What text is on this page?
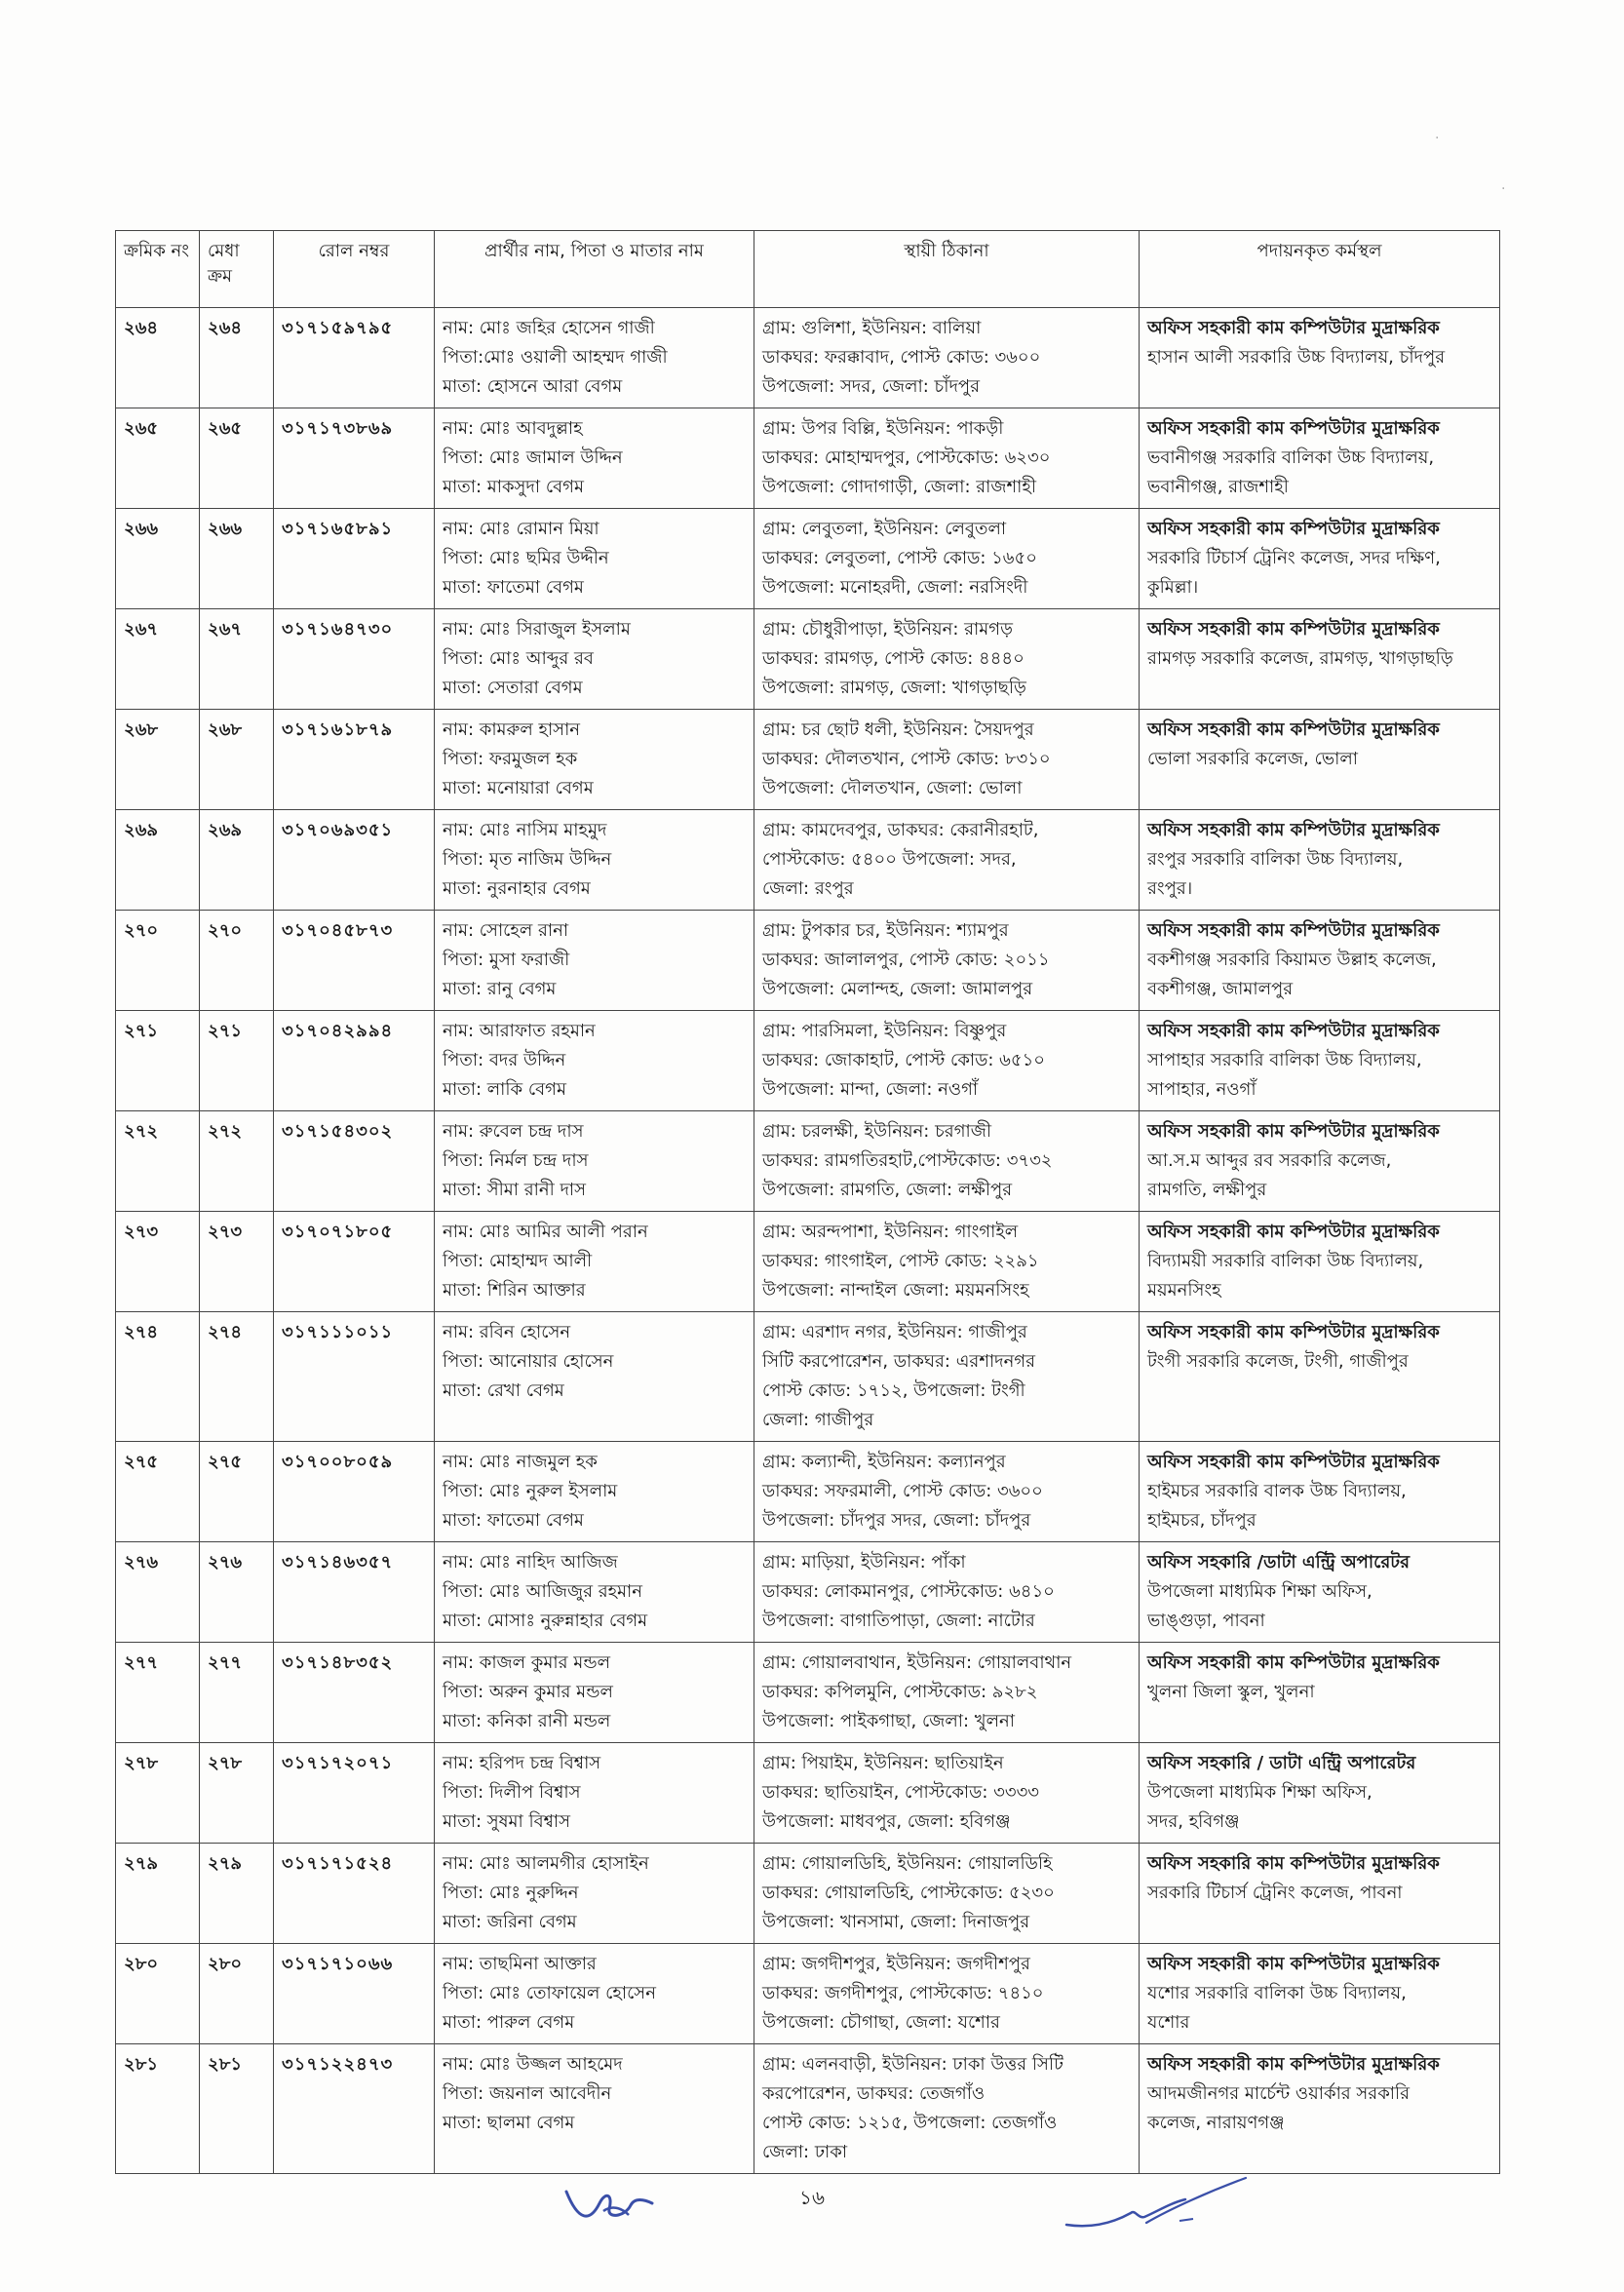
·
·
ক্রমিক নং	মেধা ক্রম	রোল নম্বর	প্রার্থীর নাম, পিতা ও মাতার নাম	স্থায়ী ঠিকানা	পদায়নকৃত কর্মস্থল
২৬৪	২৬৪	৩১৭১৫৯৭৯৫	নাম: মোঃ জহির হোসেন গাজী
পিতা:মোঃ ওয়ালী আহম্মদ গাজী
মাতা: হোসনে আরা বেগম	গ্রাম: গুলিশা, ইউনিয়ন: বালিয়া
ডাকঘর: ফরক্কাবাদ, পোস্ট কোড: ৩৬০০
উপজেলা: সদর, জেলা: চাঁদপুর	অফিস সহকারী কাম কম্পিউটার মুদ্রাক্ষরিক
হাসান আলী সরকারি উচ্চ বিদ্যালয়, চাঁদপুর

২৬৫	২৬৫	৩১৭১৭৩৮৬৯	নাম: মোঃ আবদুল্লাহ
পিতা: মোঃ জামাল উদ্দিন
মাতা: মাকসুদা বেগম	গ্রাম: উপর বিল্লি, ইউনিয়ন: পাকড়ী
ডাকঘর: মোহাম্মদপুর, পোস্টকোড: ৬২৩০
উপজেলা: গোদাগাড়ী, জেলা: রাজশাহী	অফিস সহকারী কাম কম্পিউটার মুদ্রাক্ষরিক
ভবানীগঞ্জ সরকারি বালিকা উচ্চ বিদ্যালয়,
ভবানীগঞ্জ, রাজশাহী

২৬৬	২৬৬	৩১৭১৬৫৮৯১	নাম: মোঃ রোমান মিয়া
পিতা: মোঃ ছমির উদ্দীন
মাতা: ফাতেমা বেগম	গ্রাম: লেবুতলা, ইউনিয়ন: লেবুতলা
ডাকঘর: লেবুতলা, পোস্ট কোড: ১৬৫০
উপজেলা: মনোহরদী, জেলা: নরসিংদী	অফিস সহকারী কাম কম্পিউটার মুদ্রাক্ষরিক
সরকারি টিচার্স ট্রেনিং কলেজ, সদর দক্ষিণ,
কুমিল্লা।

২৬৭	২৬৭	৩১৭১৬৪৭৩০	নাম: মোঃ সিরাজুল ইসলাম
পিতা: মোঃ আব্দুর রব
মাতা: সেতারা বেগম	গ্রাম: চৌধুরীপাড়া, ইউনিয়ন: রামগড়
ডাকঘর: রামগড়, পোস্ট কোড: ৪৪৪০
উপজেলা: রামগড়, জেলা: খাগড়াছড়ি	অফিস সহকারী কাম কম্পিউটার মুদ্রাক্ষরিক
রামগড় সরকারি কলেজ, রামগড়, খাগড়াছড়ি

২৬৮	২৬৮	৩১৭১৬১৮৭৯	নাম: কামরুল হাসান
পিতা: ফরমুজল হক
মাতা: মনোয়ারা বেগম	গ্রাম: চর ছোট ধলী, ইউনিয়ন: সৈয়দপুর
ডাকঘর: দৌলতখান, পোস্ট কোড: ৮৩১০
উপজেলা: দৌলতখান, জেলা: ভোলা	অফিস সহকারী কাম কম্পিউটার মুদ্রাক্ষরিক
ভোলা সরকারি কলেজ, ভোলা

২৬৯	২৬৯	৩১৭০৬৯৩৫১	নাম: মোঃ নাসিম মাহমুদ
পিতা: মৃত নাজিম উদ্দিন
মাতা: নুরনাহার বেগম	গ্রাম: কামদেবপুর, ডাকঘর: কেরানীরহাট,
পোস্টকোড: ৫৪০০ উপজেলা: সদর,
জেলা: রংপুর	অফিস সহকারী কাম কম্পিউটার মুদ্রাক্ষরিক
রংপুর সরকারি বালিকা উচ্চ বিদ্যালয়,
রংপুর।

২৭০	২৭০	৩১৭০৪৫৮৭৩	নাম: সোহেল রানা
পিতা: মুসা ফরাজী
মাতা: রানু বেগম	গ্রাম: টুপকার চর, ইউনিয়ন: শ্যামপুর
ডাকঘর: জালালপুর, পোস্ট কোড: ২০১১
উপজেলা: মেলান্দহ, জেলা: জামালপুর	অফিস সহকারী কাম কম্পিউটার মুদ্রাক্ষরিক
বকশীগঞ্জ সরকারি কিয়ামত উল্লাহ কলেজ,
বকশীগঞ্জ, জামালপুর

২৭১	২৭১	৩১৭০৪২৯৯৪	নাম: আরাফাত রহমান
পিতা: বদর উদ্দিন
মাতা: লাকি বেগম	গ্রাম: পারসিমলা, ইউনিয়ন: বিষ্ণুপুর
ডাকঘর: জোকাহাট, পোস্ট কোড: ৬৫১০
উপজেলা: মান্দা, জেলা: নওগাঁ	অফিস সহকারী কাম কম্পিউটার মুদ্রাক্ষরিক
সাপাহার সরকারি বালিকা উচ্চ বিদ্যালয়,
সাপাহার, নওগাঁ

২৭২	২৭২	৩১৭১৫৪৩০২	নাম: রুবেল চন্দ্র দাস
পিতা: নির্মল চন্দ্র দাস
মাতা: সীমা রানী দাস	গ্রাম: চরলক্ষী, ইউনিয়ন: চরগাজী
ডাকঘর: রামগতিরহাট,পোস্টকোড: ৩৭৩২
উপজেলা: রামগতি, জেলা: লক্ষীপুর	অফিস সহকারী কাম কম্পিউটার মুদ্রাক্ষরিক
আ.স.ম আব্দুর রব সরকারি কলেজ,
রামগতি, লক্ষীপুর

২৭৩	২৭৩	৩১৭০৭১৮০৫	নাম: মোঃ আমির আলী পরান
পিতা: মোহাম্মদ আলী
মাতা: শিরিন আক্তার	গ্রাম: অরন্দপাশা, ইউনিয়ন: গাংগাইল
ডাকঘর: গাংগাইল, পোস্ট কোড: ২২৯১
উপজেলা: নান্দাইল জেলা: ময়মনসিংহ	অফিস সহকারী কাম কম্পিউটার মুদ্রাক্ষরিক
বিদ্যাময়ী সরকারি বালিকা উচ্চ বিদ্যালয়,
ময়মনসিংহ

২৭৪	২৭৪	৩১৭১১১০১১	নাম: রবিন হোসেন
পিতা: আনোয়ার হোসেন
মাতা: রেখা বেগম	গ্রাম: এরশাদ নগর, ইউনিয়ন: গাজীপুর
সিটি করপোরেশন, ডাকঘর: এরশাদনগর
পোস্ট কোড: ১৭১২, উপজেলা: টংগী
জেলা: গাজীপুর	অফিস সহকারী কাম কম্পিউটার মুদ্রাক্ষরিক
টংগী সরকারি কলেজ, টংগী, গাজীপুর

২৭৫	২৭৫	৩১৭০০৮০৫৯	নাম: মোঃ নাজমুল হক
পিতা: মোঃ নুরুল ইসলাম
মাতা: ফাতেমা বেগম	গ্রাম: কল্যান্দী, ইউনিয়ন: কল্যানপুর
ডাকঘর: সফরমালী, পোস্ট কোড: ৩৬০০
উপজেলা: চাঁদপুর সদর, জেলা: চাঁদপুর	অফিস সহকারী কাম কম্পিউটার মুদ্রাক্ষরিক
হাইমচর সরকারি বালক উচ্চ বিদ্যালয়,
হাইমচর, চাঁদপুর

২৭৬	২৭৬	৩১৭১৪৬৩৫৭	নাম: মোঃ নাহিদ আজিজ
পিতা: মোঃ আজিজুর রহমান
মাতা: মোসাঃ নুরুন্নাহার বেগম	গ্রাম: মাড়িয়া, ইউনিয়ন: পাঁকা
ডাকঘর: লোকমানপুর, পোস্টকোড: ৬৪১০
উপজেলা: বাগাতিপাড়া, জেলা: নাটোর	অফিস সহকারি /ডাটা এন্ট্রি অপারেটর
উপজেলা মাধ্যমিক শিক্ষা অফিস,
ভাঙ্গুড়া, পাবনা

২৭৭	২৭৭	৩১৭১৪৮৩৫২	নাম: কাজল কুমার মন্ডল
পিতা: অরুন কুমার মন্ডল
মাতা: কনিকা রানী মন্ডল	গ্রাম: গোয়ালবাথান, ইউনিয়ন: গোয়ালবাথান
ডাকঘর: কপিলমুনি, পোস্টকোড: ৯২৮২
উপজেলা: পাইকগাছা, জেলা: খুলনা	অফিস সহকারী কাম কম্পিউটার মুদ্রাক্ষরিক
খুলনা জিলা স্কুল, খুলনা

২৭৮	২৭৮	৩১৭১৭২০৭১	নাম: হরিপদ চন্দ্র বিশ্বাস
পিতা: দিলীপ বিশ্বাস
মাতা: সুষমা বিশ্বাস	গ্রাম: পিয়াইম, ইউনিয়ন: ছাতিয়াইন
ডাকঘর: ছাতিয়াইন, পোস্টকোড: ৩৩৩৩
উপজেলা: মাধবপুর, জেলা: হবিগঞ্জ	অফিস সহকারি / ডাটা এন্ট্রি অপারেটর
উপজেলা মাধ্যমিক শিক্ষা অফিস,
সদর, হবিগঞ্জ

২৭৯	২৭৯	৩১৭১৭১৫২৪	নাম: মোঃ আলমগীর হোসাইন
পিতা: মোঃ নুরুদ্দিন
মাতা: জরিনা বেগম	গ্রাম: গোয়ালডিহি, ইউনিয়ন: গোয়ালডিহি
ডাকঘর: গোয়ালডিহি, পোস্টকোড: ৫২৩০
উপজেলা: খানসামা, জেলা: দিনাজপুর	অফিস সহকারি কাম কম্পিউটার মুদ্রাক্ষরিক
সরকারি টিচার্স ট্রেনিং কলেজ, পাবনা

২৮০	২৮০	৩১৭১৭১০৬৬	নাম: তাছমিনা আক্তার
পিতা: মোঃ তোফায়েল হোসেন
মাতা: পারুল বেগম	গ্রাম: জগদীশপুর, ইউনিয়ন: জগদীশপুর
ডাকঘর: জগদীশপুর, পোস্টকোড: ৭৪১০
উপজেলা: চৌগাছা, জেলা: যশোর	অফিস সহকারী কাম কম্পিউটার মুদ্রাক্ষরিক
যশোর সরকারি বালিকা উচ্চ বিদ্যালয়,
যশোর

২৮১	২৮১	৩১৭১২২৪৭৩	নাম: মোঃ উজ্জল আহমেদ
পিতা: জয়নাল আবেদীন
মাতা: ছালমা বেগম	গ্রাম: এলনবাড়ী, ইউনিয়ন: ঢাকা উত্তর সিটি
করপোরেশন, ডাকঘর: তেজগাঁও
পোস্ট কোড: ১২১৫, উপজেলা: তেজগাঁও
জেলা: ঢাকা	অফিস সহকারী কাম কম্পিউটার মুদ্রাক্ষরিক
আদমজীনগর মার্চেন্ট ওয়ার্কার সরকারি
কলেজ, নারায়ণগঞ্জ
১৬
